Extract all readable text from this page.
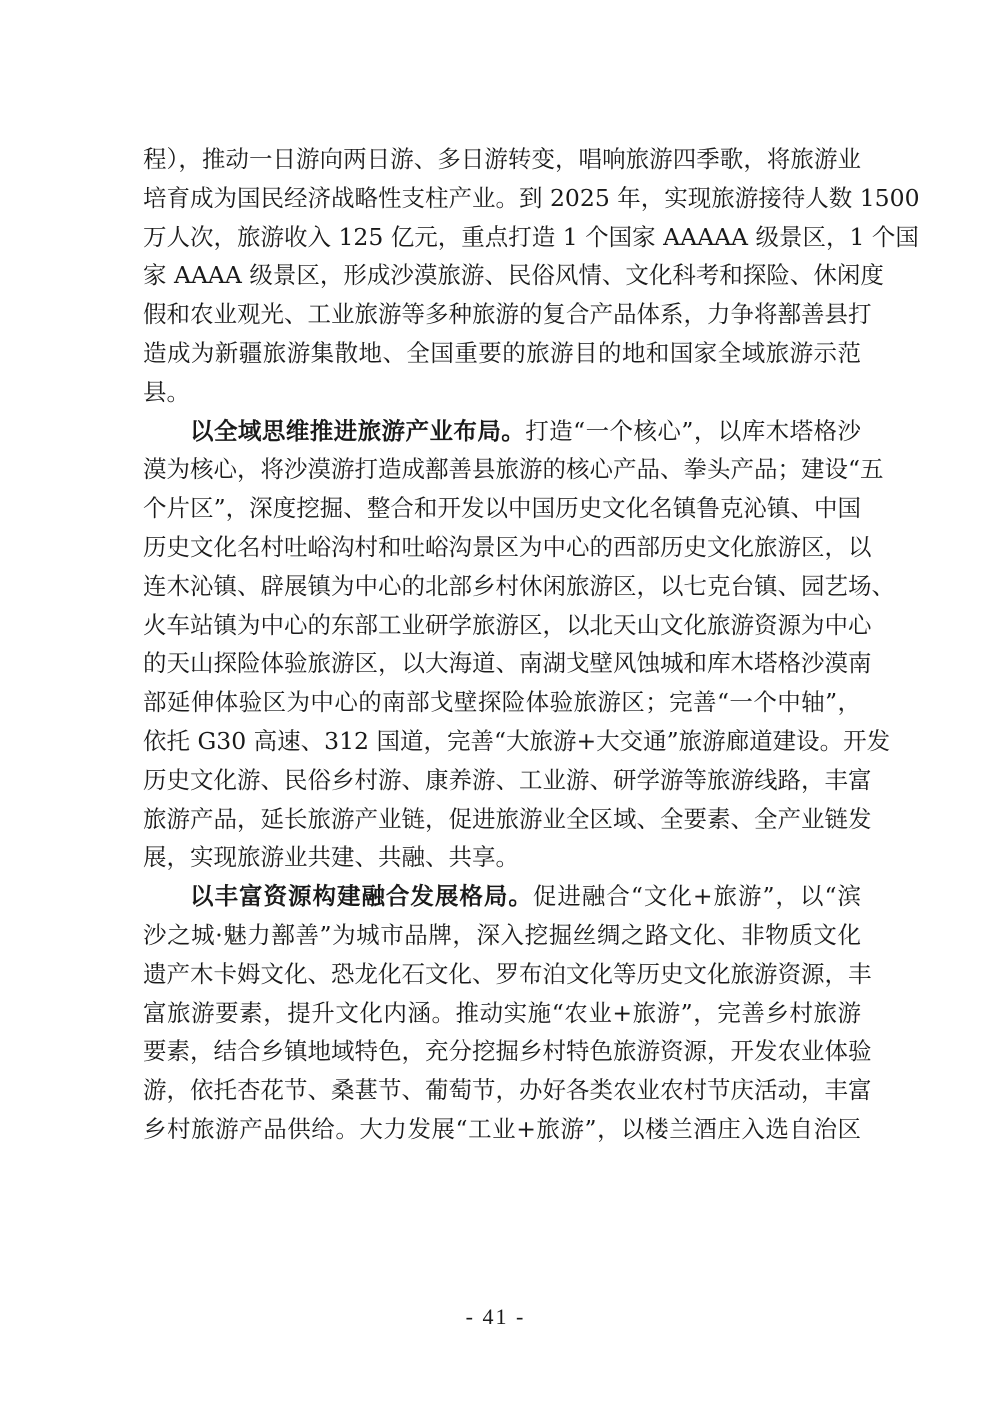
程），推动一日游向两日游、多日游转变，唱响旅游四季歌，将旅游业
培育成为国民经济战略性支柱产业。到 2025 年，实现旅游接待人数 1500
万人次，旅游收入 125 亿元，重点打造 1 个国家 AAAAA 级景区，1 个国
家 AAAA 级景区，形成沙漠旅游、民俗风情、文化科考和探险、休闲度
假和农业观光、工业旅游等多种旅游的复合产品体系，力争将鄯善县打
造成为新疆旅游集散地、全国重要的旅游目的地和国家全域旅游示范
县。
以全域思维推进旅游产业布局。打造“一个核心”，以库木塔格沙
漠为核心，将沙漠游打造成鄯善县旅游的核心产品、拳头产品；建设“五
个片区”，深度挖掘、整合和开发以中国历史文化名镇鲁克沁镇、中国
历史文化名村吐峪沟村和吐峪沟景区为中心的西部历史文化旅游区，以
连木沁镇、辟展镇为中心的北部乡村休闲旅游区，以七克台镇、园艺场、
火车站镇为中心的东部工业研学旅游区，以北天山文化旅游资源为中心
的天山探险体验旅游区，以大海道、南湖戈壁风蚀城和库木塔格沙漠南
部延伸体验区为中心的南部戈壁探险体验旅游区；完善“一个中轴”，
依托 G30 高速、312 国道，完善“大旅游+大交通”旅游廊道建设。开发
历史文化游、民俗乡村游、康养游、工业游、研学游等旅游线路，丰富
旅游产品，延长旅游产业链，促进旅游业全区域、全要素、全产业链发
展，实现旅游业共建、共融、共享。
以丰富资源构建融合发展格局。促进融合“文化+旅游”，以“滨
沙之城·魅力鄯善”为城市品牌，深入挖掘丝绸之路文化、非物质文化
遗产木卡姆文化、恐龙化石文化、罗布泊文化等历史文化旅游资源，丰
富旅游要素，提升文化内涵。推动实施“农业+旅游”，完善乡村旅游
要素，结合乡镇地域特色，充分挖掘乡村特色旅游资源，开发农业体验
游，依托杏花节、桑葚节、葡萄节，办好各类农业农村节庆活动，丰富
乡村旅游产品供给。大力发展“工业+旅游”，以楼兰酒庄入选自治区
- 41 -
